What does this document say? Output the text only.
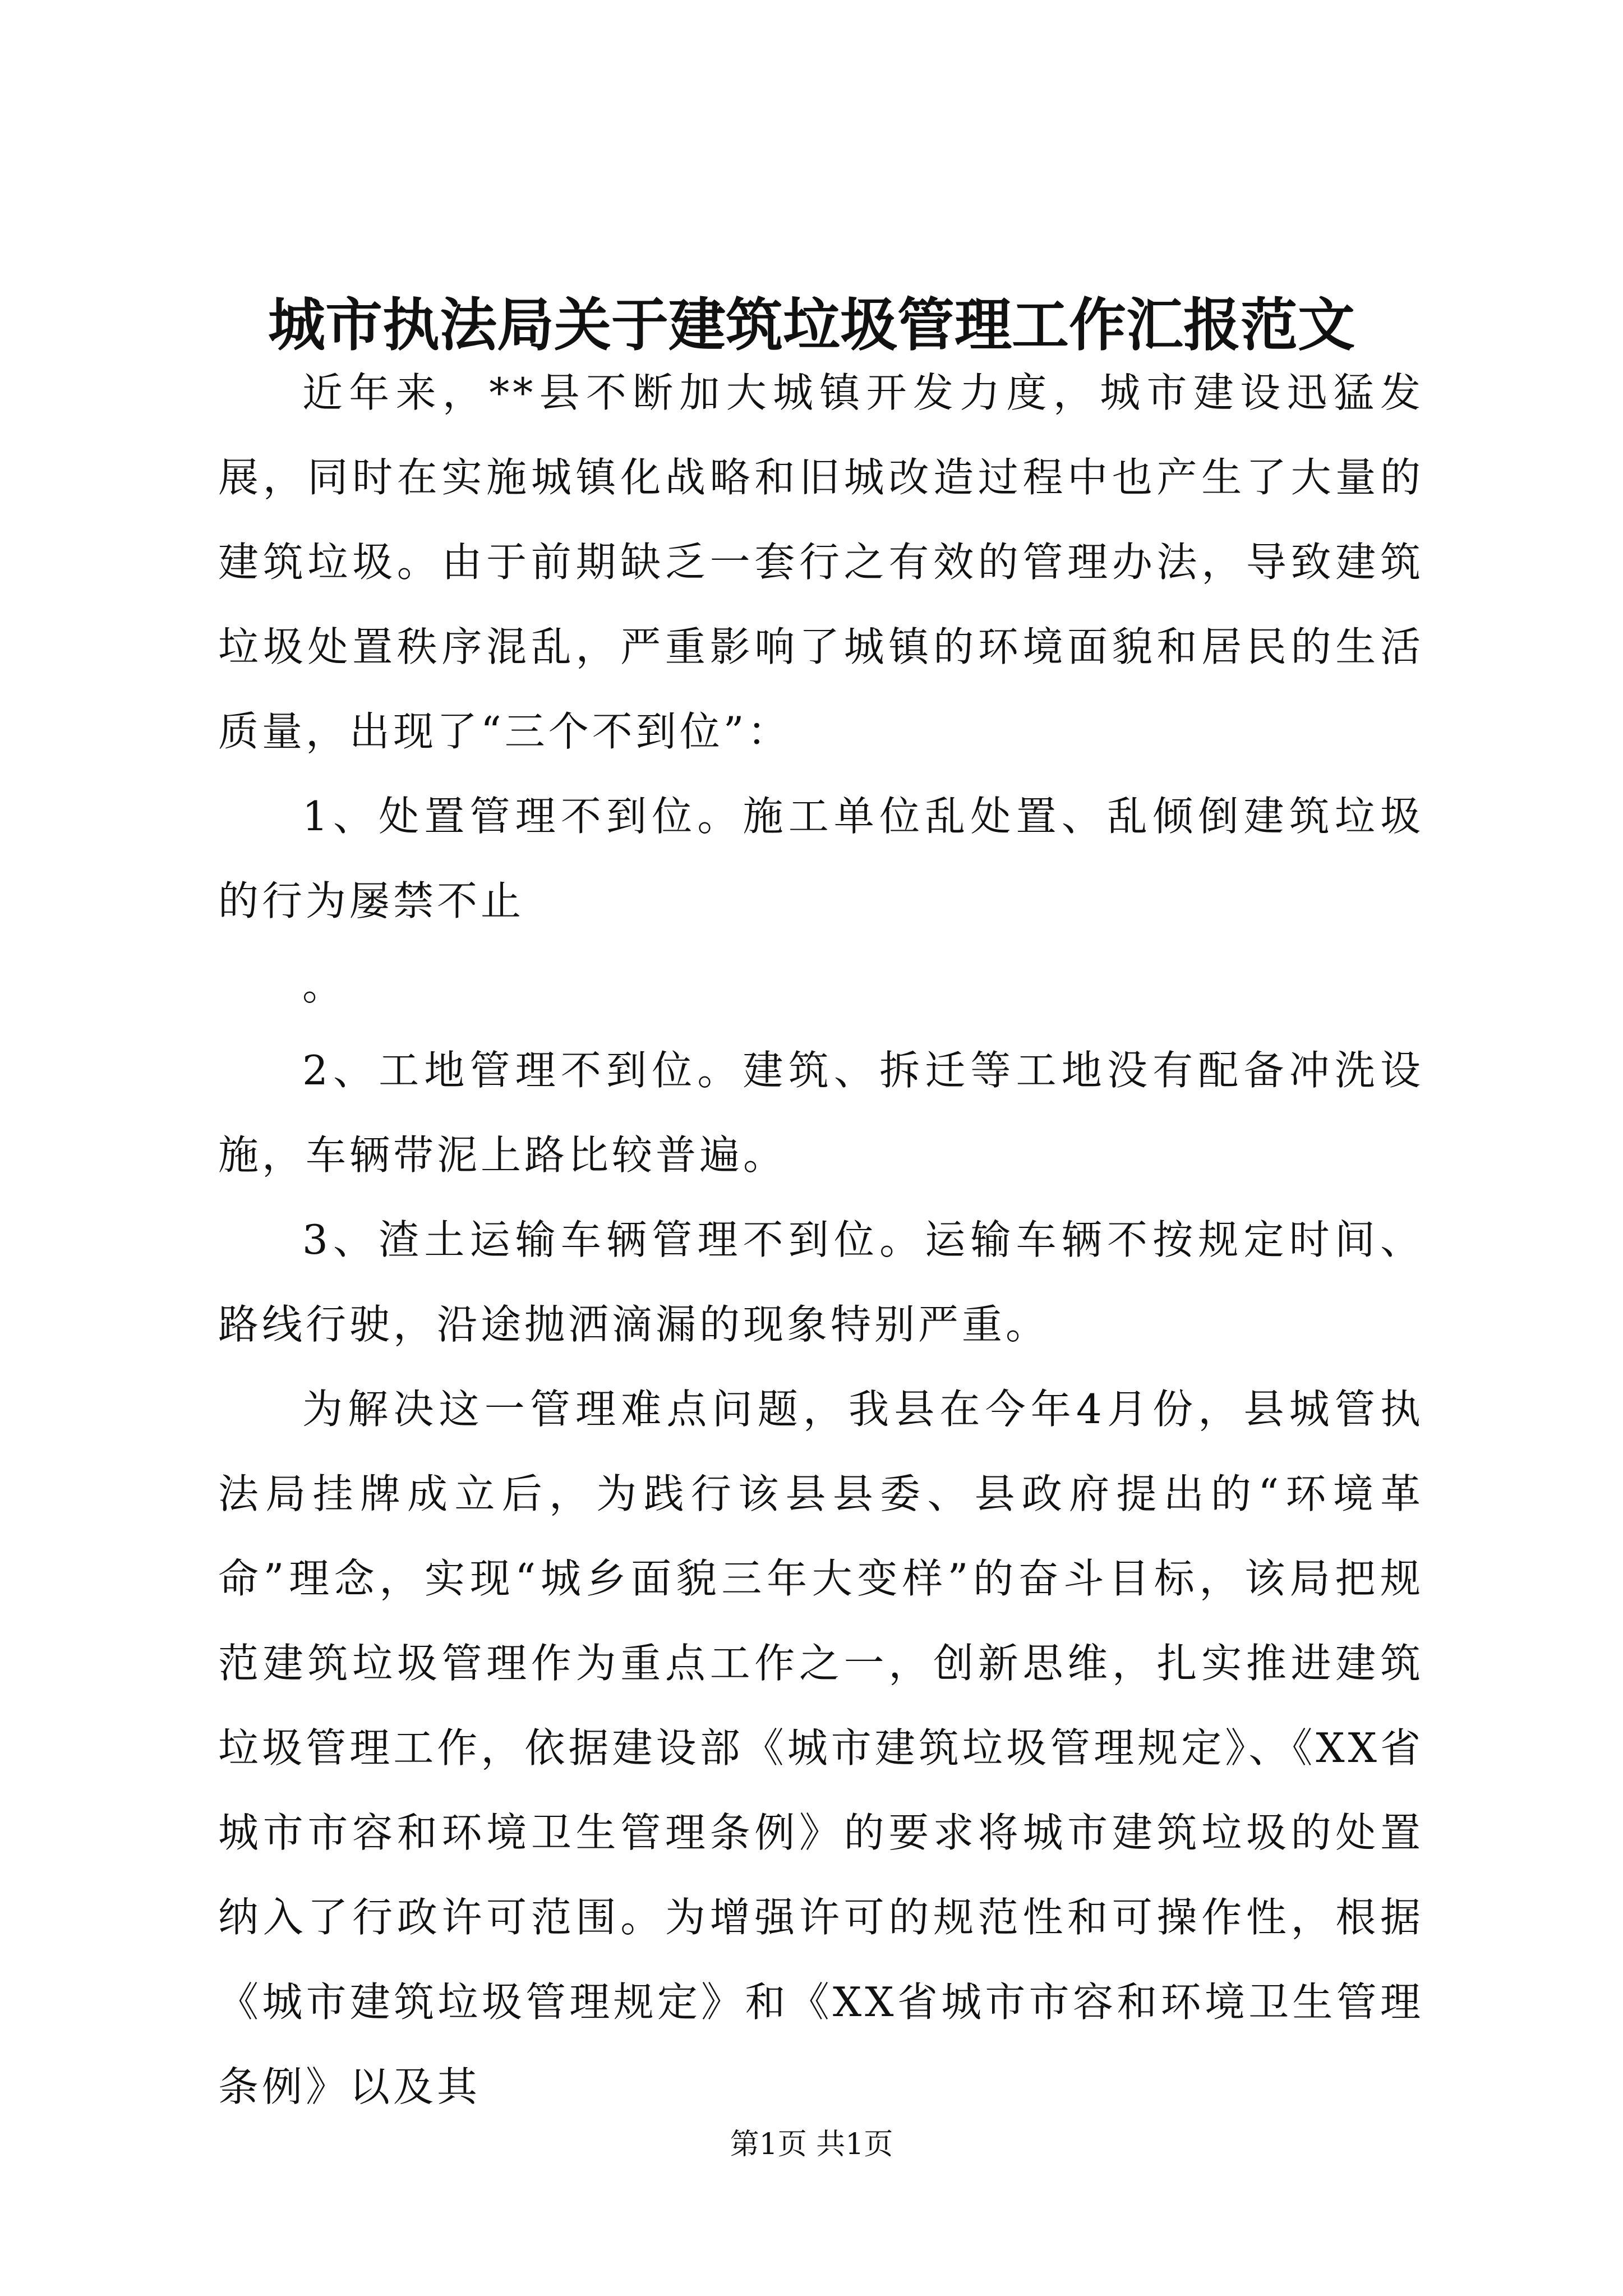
城市执法局关于建筑垃圾管理工作汇报范文

近年来，**县不断加大城镇开发力度，城市建设迅猛发展，同时在实施城镇化战略和旧城改造过程中也产生了大量的建筑垃圾。由于前期缺乏一套行之有效的管理办法，导致建筑垃圾处置秩序混乱，严重影响了城镇的环境面貌和居民的生活质量，出现了“三个不到位”：

1、处置管理不到位。施工单位乱处置、乱倾倒建筑垃圾的行为屡禁不止

。

2、工地管理不到位。建筑、拆迁等工地没有配备冲洗设施，车辆带泥上路比较普遍。

3、渣土运输车辆管理不到位。运输车辆不按规定时间、路线行驶，沿途抛洒滴漏的现象特别严重。

为解决这一管理难点问题，我县在今年4月份，县城管执法局挂牌成立后，为践行该县县委、县政府提出的“环境革命”理念，实现“城乡面貌三年大变样”的奋斗目标，该局把规范建筑垃圾管理作为重点工作之一，创新思维，扎实推进建筑垃圾管理工作，依据建设部《城市建筑垃圾管理规定》、《XX省城市市容和环境卫生管理条例》的要求将城市建筑垃圾的处置纳入了行政许可范围。为增强许可的规范性和可操作性，根据《城市建筑垃圾管理规定》和《XX省城市市容和环境卫生管理条例》以及其

第1页 共1页
